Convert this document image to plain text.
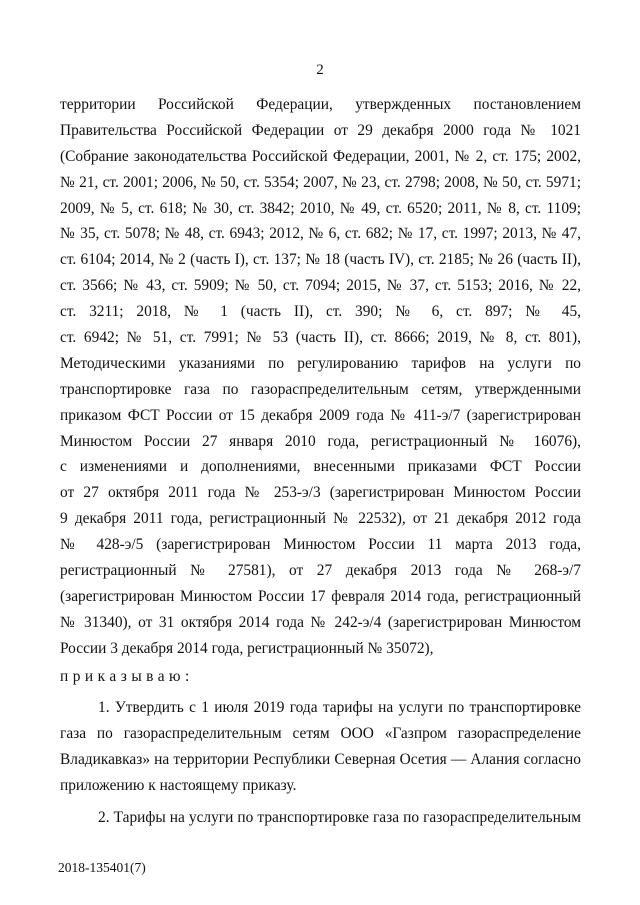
2
территории Российской Федерации, утвержденных постановлением
Правительства Российской Федерации от 29 декабря 2000 года № 1021
(Собрание законодательства Российской Федерации, 2001, № 2, ст. 175; 2002,
№ 21, ст. 2001; 2006, № 50, ст. 5354; 2007, № 23, ст. 2798; 2008, № 50, ст. 5971;
2009, № 5, ст. 618; № 30, ст. 3842; 2010, № 49, ст. 6520; 2011, № 8, ст. 1109;
№ 35, ст. 5078; № 48, ст. 6943; 2012, № 6, ст. 682; № 17, ст. 1997; 2013, № 47,
ст. 6104; 2014, № 2 (часть I), ст. 137; № 18 (часть IV), ст. 2185; № 26 (часть II),
ст. 3566; № 43, ст. 5909; № 50, ст. 7094; 2015, № 37, ст. 5153; 2016, № 22,
ст. 3211; 2018, № 1 (часть II), ст. 390; № 6, ст. 897; № 45,
ст. 6942; № 51, ст. 7991; № 53 (часть II), ст. 8666; 2019, № 8, ст. 801),
Методическими указаниями по регулированию тарифов на услуги по
транспортировке газа по газораспределительным сетям, утвержденными
приказом ФСТ России от 15 декабря 2009 года № 411-э/7 (зарегистрирован
Минюстом России 27 января 2010 года, регистрационный № 16076),
с изменениями и дополнениями, внесенными приказами ФСТ России
от 27 октября 2011 года № 253-э/3 (зарегистрирован Минюстом России
9 декабря 2011 года, регистрационный № 22532), от 21 декабря 2012 года
№ 428-э/5 (зарегистрирован Минюстом России 11 марта 2013 года,
регистрационный № 27581), от 27 декабря 2013 года № 268-э/7
(зарегистрирован Минюстом России 17 февраля 2014 года, регистрационный
№ 31340), от 31 октября 2014 года № 242-э/4 (зарегистрирован Минюстом
России 3 декабря 2014 года, регистрационный № 35072),
приказываю:
1. Утвердить с 1 июля 2019 года тарифы на услуги по транспортировке
газа по газораспределительным сетям ООО «Газпром газораспределение
Владикавказ» на территории Республики Северная Осетия — Алания согласно
приложению к настоящему приказу.
2. Тарифы на услуги по транспортировке газа по газораспределительным
2018-135401(7)
